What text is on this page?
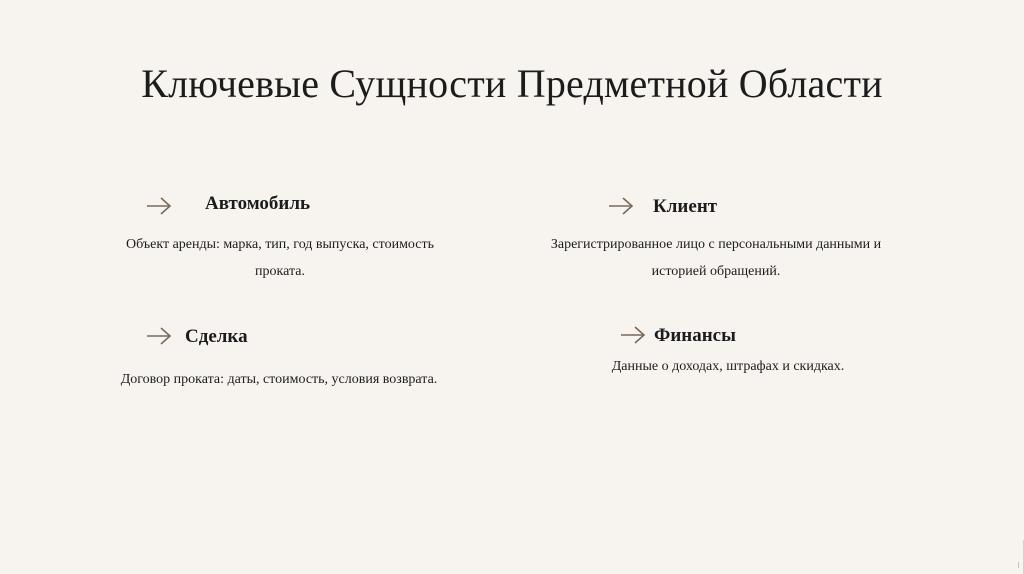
Ключевые Сущности Предметной Области
Автомобиль
Объект аренды: марка, тип, год выпуска, стоимость проката.
Клиент
Зарегистрированное лицо с персональными данными и историей обращений.
Сделка
Договор проката: даты, стоимость, условия возврата.
Финансы
Данные о доходах, штрафах и скидках.
